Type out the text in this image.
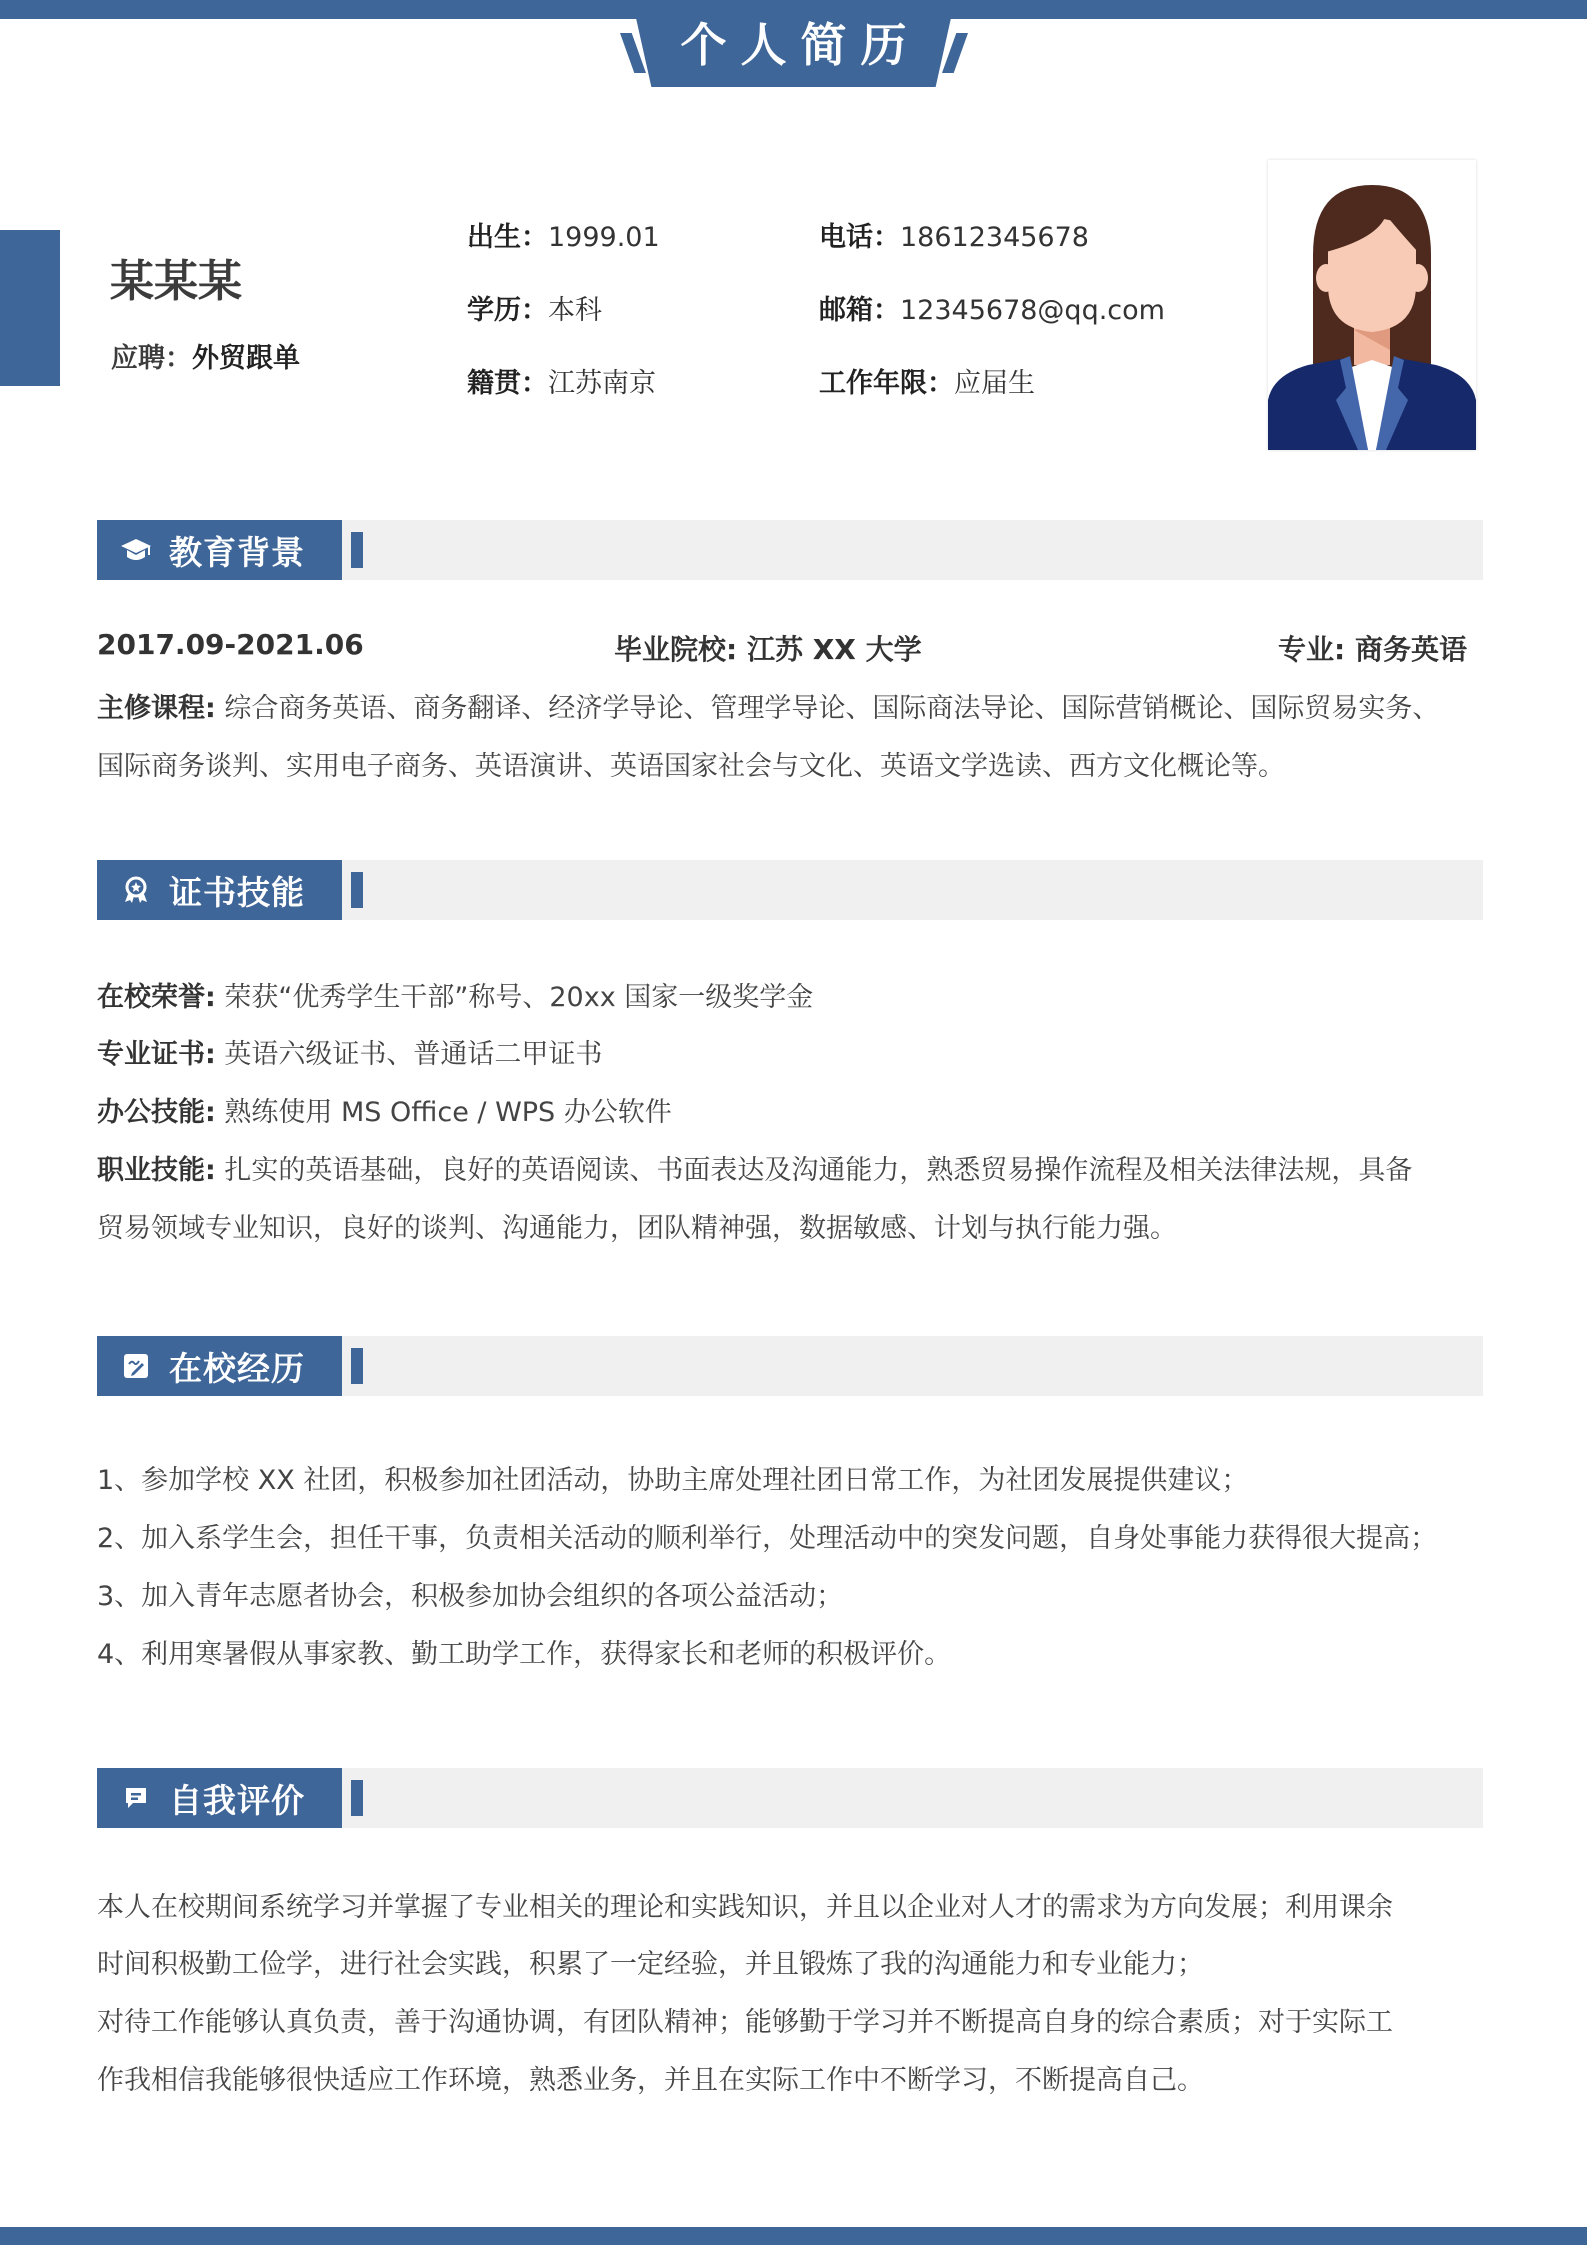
个人简历
某某某
应聘：外贸跟单
出生：1999.01
学历：本科
籍贯：江苏南京
电话：18612345678
邮箱：12345678@qq.com
工作年限：应届生
教育背景
2017.09-2021.06	毕业院校: 江苏 XX 大学	专业: 商务英语
主修课程: 综合商务英语、商务翻译、经济学导论、管理学导论、国际商法导论、国际营销概论、国际贸易实务、
国际商务谈判、实用电子商务、英语演讲、英语国家社会与文化、英语文学选读、西方文化概论等。
证书技能
在校荣誉: 荣获“优秀学生干部”称号、20xx 国家一级奖学金
专业证书: 英语六级证书、普通话二甲证书
办公技能: 熟练使用 MS Office / WPS 办公软件
职业技能: 扎实的英语基础，良好的英语阅读、书面表达及沟通能力，熟悉贸易操作流程及相关法律法规，具备
贸易领域专业知识，良好的谈判、沟通能力，团队精神强，数据敏感、计划与执行能力强。
在校经历
1、参加学校 XX 社团，积极参加社团活动，协助主席处理社团日常工作，为社团发展提供建议；
2、加入系学生会，担任干事，负责相关活动的顺利举行，处理活动中的突发问题，自身处事能力获得很大提高；
3、加入青年志愿者协会，积极参加协会组织的各项公益活动；
4、利用寒暑假从事家教、勤工助学工作，获得家长和老师的积极评价。
自我评价
本人在校期间系统学习并掌握了专业相关的理论和实践知识，并且以企业对人才的需求为方向发展；利用课余
时间积极勤工俭学，进行社会实践，积累了一定经验，并且锻炼了我的沟通能力和专业能力；
对待工作能够认真负责，善于沟通协调，有团队精神；能够勤于学习并不断提高自身的综合素质；对于实际工
作我相信我能够很快适应工作环境，熟悉业务，并且在实际工作中不断学习，不断提高自己。
